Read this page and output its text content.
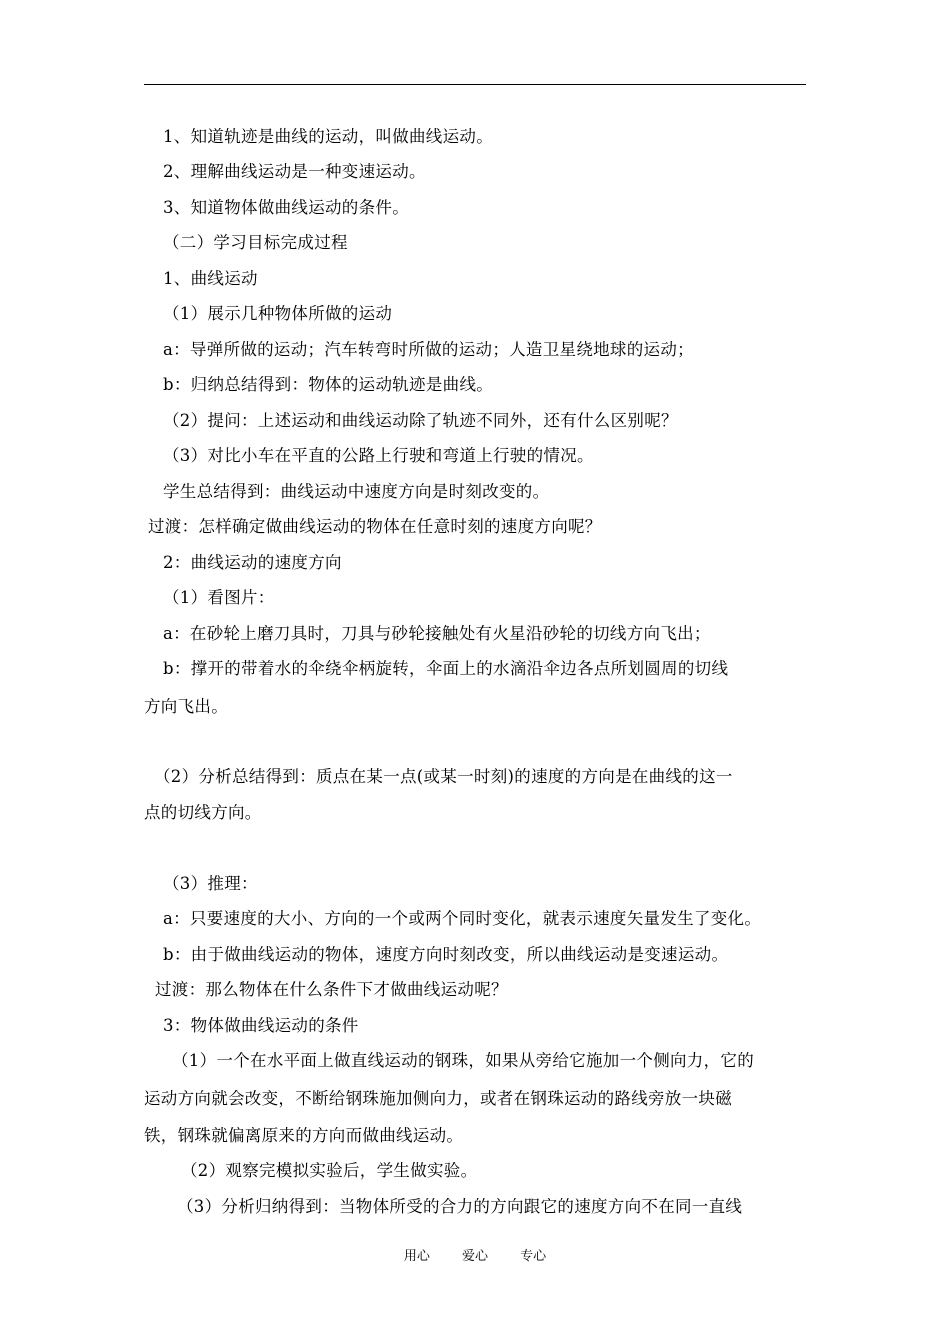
1、知道轨迹是曲线的运动，叫做曲线运动。
2、理解曲线运动是一种变速运动。
3、知道物体做曲线运动的条件。
（二）学习目标完成过程
1、曲线运动
（1）展示几种物体所做的运动
a：导弹所做的运动；汽车转弯时所做的运动；人造卫星绕地球的运动；
b：归纳总结得到：物体的运动轨迹是曲线。
（2）提问：上述运动和曲线运动除了轨迹不同外，还有什么区别呢？
（3）对比小车在平直的公路上行驶和弯道上行驶的情况。
学生总结得到：曲线运动中速度方向是时刻改变的。
过渡：怎样确定做曲线运动的物体在任意时刻的速度方向呢？
2：曲线运动的速度方向
（1）看图片：
a：在砂轮上磨刀具时，刀具与砂轮接触处有火星沿砂轮的切线方向飞出；
b：撑开的带着水的伞绕伞柄旋转，伞面上的水滴沿伞边各点所划圆周的切线
方向飞出。
（2）分析总结得到：质点在某一点(或某一时刻)的速度的方向是在曲线的这一
点的切线方向。
（3）推理：
a：只要速度的大小、方向的一个或两个同时变化，就表示速度矢量发生了变化。
b：由于做曲线运动的物体，速度方向时刻改变，所以曲线运动是变速运动。
过渡：那么物体在什么条件下才做曲线运动呢？
3：物体做曲线运动的条件
（1）一个在水平面上做直线运动的钢珠，如果从旁给它施加一个侧向力，它的
运动方向就会改变，不断给钢珠施加侧向力，或者在钢珠运动的路线旁放一块磁
铁，钢珠就偏离原来的方向而做曲线运动。
（2）观察完模拟实验后，学生做实验。
（3）分析归纳得到：当物体所受的合力的方向跟它的速度方向不在同一直线
用心 爱心 专心
